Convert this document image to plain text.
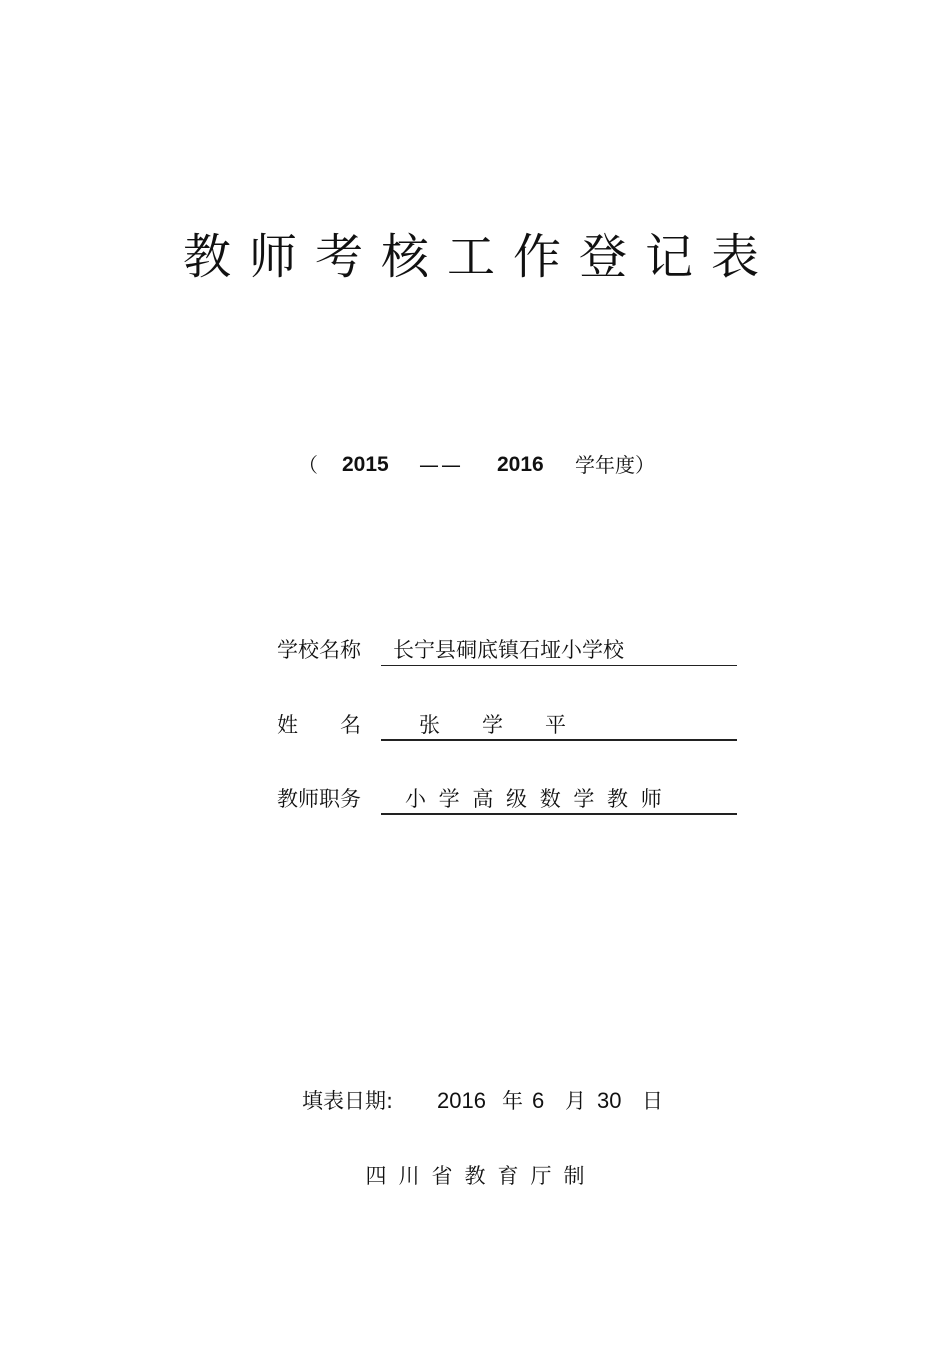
教师考核工作登记表
（ 2015 —— 2016 学年度）
学校名称 长宁县硐底镇石垭小学校
姓　　名	张　　学　　平
教师职务 小 学 高 级 数 学 教 师
填表日期: 2016 年 6 月 30 日
四川省教育厅制
